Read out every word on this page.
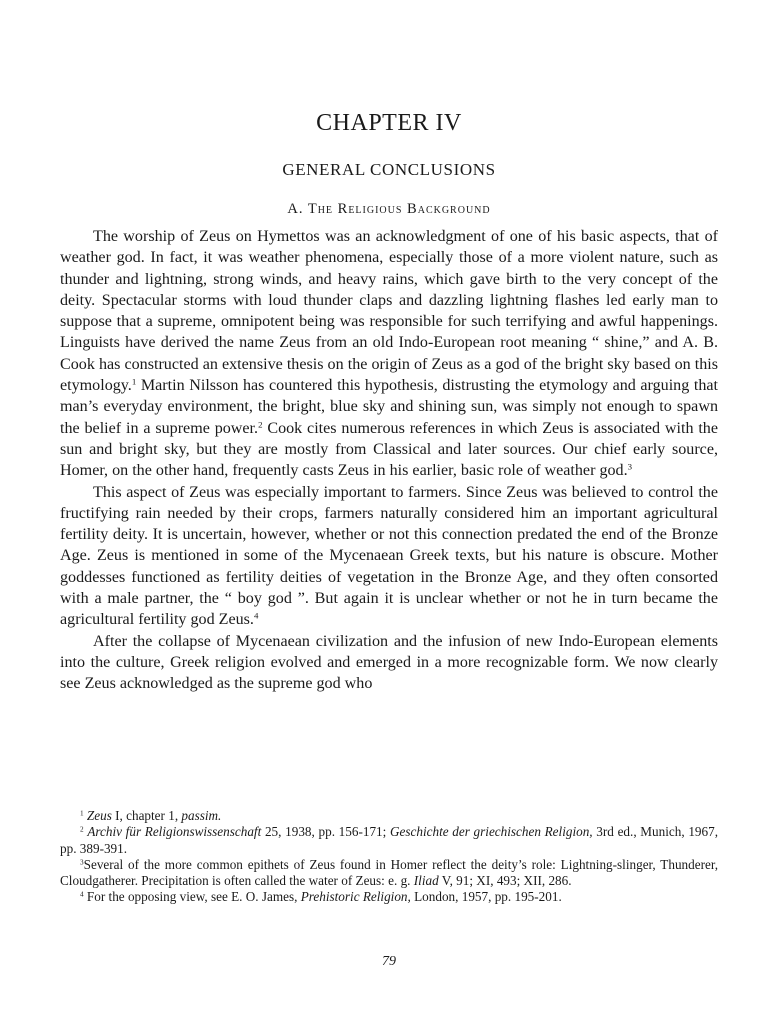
CHAPTER IV
GENERAL CONCLUSIONS
A. The Religious Background

The worship of Zeus on Hymettos was an acknowledgment of one of his basic aspects, that of weather god. In fact, it was weather phenomena, especially those of a more violent nature, such as thunder and lightning, strong winds, and heavy rains, which gave birth to the very concept of the deity. Spectacular storms with loud thunder claps and dazzling lightning flashes led early man to suppose that a supreme, omnipotent being was responsible for such terrifying and awful happenings. Linguists have derived the name Zeus from an old Indo-European root meaning “ shine,” and A. B. Cook has constructed an extensive thesis on the origin of Zeus as a god of the bright sky based on this etymology.$^1$ Martin Nilsson has countered this hypothesis, distrusting the etymology and arguing that man’s everyday environment, the bright, blue sky and shining sun, was simply not enough to spawn the belief in a supreme power.$^2$ Cook cites numerous references in which Zeus is associated with the sun and bright sky, but they are mostly from Classical and later sources. Our chief early source, Homer, on the other hand, frequently casts Zeus in his earlier, basic role of weather god.$^3$

This aspect of Zeus was especially important to farmers. Since Zeus was believed to control the fructifying rain needed by their crops, farmers naturally considered him an important agricultural fertility deity. It is uncertain, however, whether or not this connection predated the end of the Bronze Age. Zeus is mentioned in some of the Mycenaean Greek texts, but his nature is obscure. Mother goddesses functioned as fertility deities of vegetation in the Bronze Age, and they often consorted with a male partner, the “ boy god ”. But again it is unclear whether or not he in turn became the agricultural fertility god Zeus.$^4$

After the collapse of Mycenaean civilization and the infusion of new Indo-European elements into the culture, Greek religion evolved and emerged in a more recognizable form. We now clearly see Zeus acknowledged as the supreme god who

$^1$ Zeus I, chapter 1, passim.

$^2$ Archiv für Religionswissenschaft 25, 1938, pp. 156-171; Geschichte der griechischen Religion, 3rd ed., Munich, 1967, pp. 389-391.

$^3$Several of the more common epithets of Zeus found in Homer reflect the deity’s role: Lightning-slinger, Thunderer, Cloudgatherer. Precipitation is often called the water of Zeus: e. g. Iliad V, 91; XI, 493; XII, 286.

$^4$ For the opposing view, see E. O. James, Prehistoric Religion, London, 1957, pp. 195-201.

79
